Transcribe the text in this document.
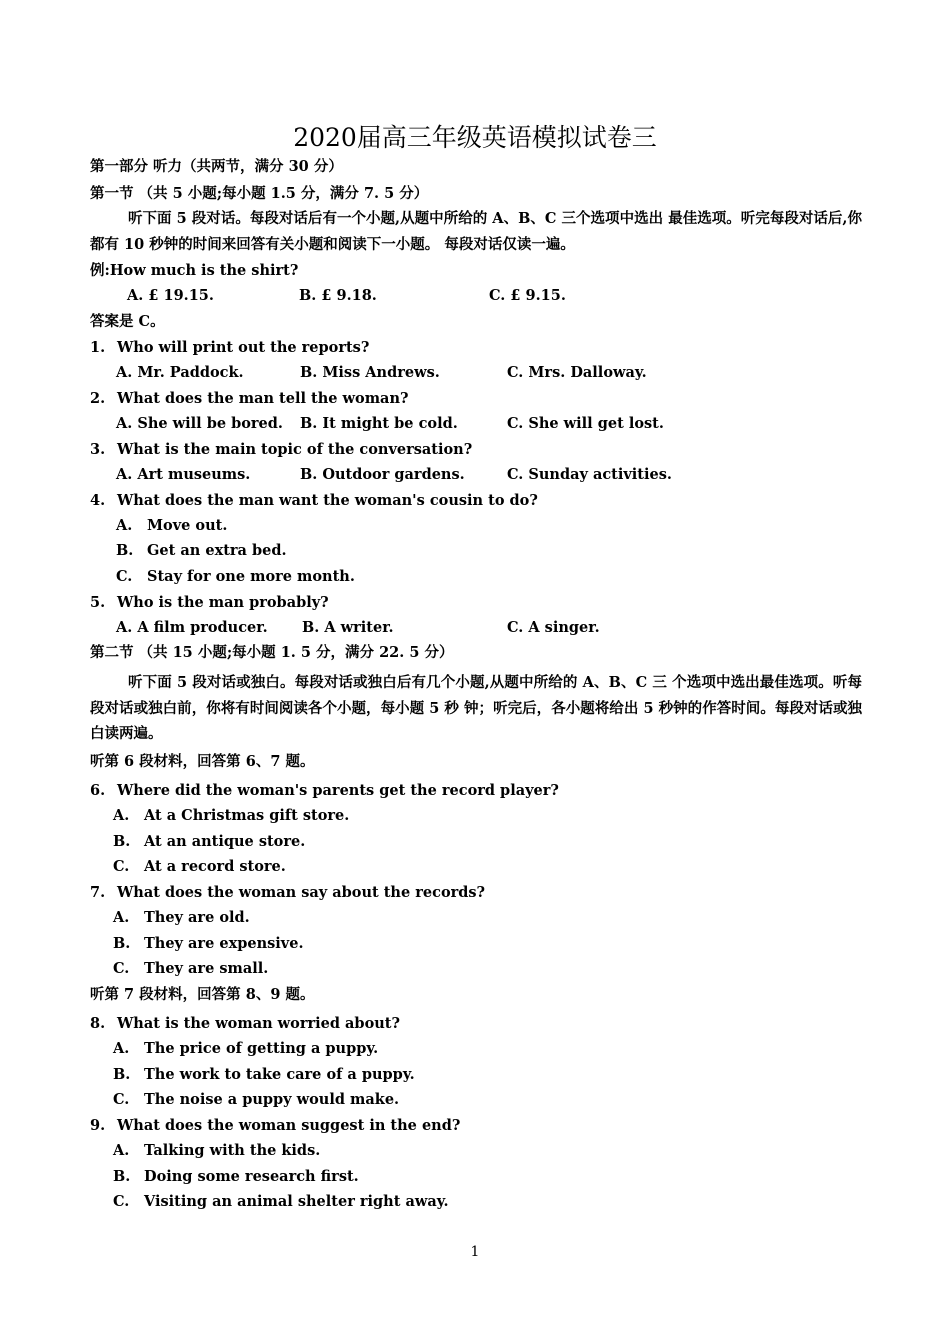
2020届高三年级英语模拟试卷三
第一部分 听力（共两节，满分 30 分）
第一节 （共 5 小题;每小题 1.5 分，满分 7. 5 分）
听下面 5 段对话。每段对话后有一个小题,从题中所给的 A、B、C 三个选项中选出 最佳选项。听完每段对话后,你都有 10 秒钟的时间来回答有关小题和阅读下一小题。 每段对话仅读一遍。
例:How much is the shirt?
A. £ 19.15.	B. £ 9.18.	C. £ 9.15.
答案是 C。
1. Who will print out the reports?
A. Mr. Paddock.	B. Miss Andrews.	C. Mrs. Dalloway.
2. What does the man tell the woman?
A. She will be bored. B. It might be cold.	C. She will get lost.
3. What is the main topic of the conversation?
A. Art museums.	B. Outdoor gardens.	C. Sunday activities.
4. What does the man want the woman's cousin to do?
A. Move out.
B. Get an extra bed.
C. Stay for one more month.
5. Who is the man probably?
A. A film producer. B. A writer.	C. A singer.
第二节 （共 15 小题;每小题 1. 5 分，满分 22. 5 分）
听下面 5 段对话或独白。每段对话或独白后有几个小题,从题中所给的 A、B、C 三 个选项中选出最佳选项。听每段对话或独白前，你将有时间阅读各个小题，每小题 5 秒 钟；听完后，各小题将给出 5 秒钟的作答时间。每段对话或独白读两遍。
听第 6 段材料，回答第 6、7 题。
6. Where did the woman's parents get the record player?
A. At a Christmas gift store.
B. At an antique store.
C. At a record store.
7. What does the woman say about the records?
A. They are old.
B. They are expensive.
C. They are small.
听第 7 段材料，回答第 8、9 题。
8. What is the woman worried about?
A. The price of getting a puppy.
B. The work to take care of a puppy.
C. The noise a puppy would make.
9. What does the woman suggest in the end?
A. Talking with the kids.
B. Doing some research first.
C. Visiting an animal shelter right away.
1
